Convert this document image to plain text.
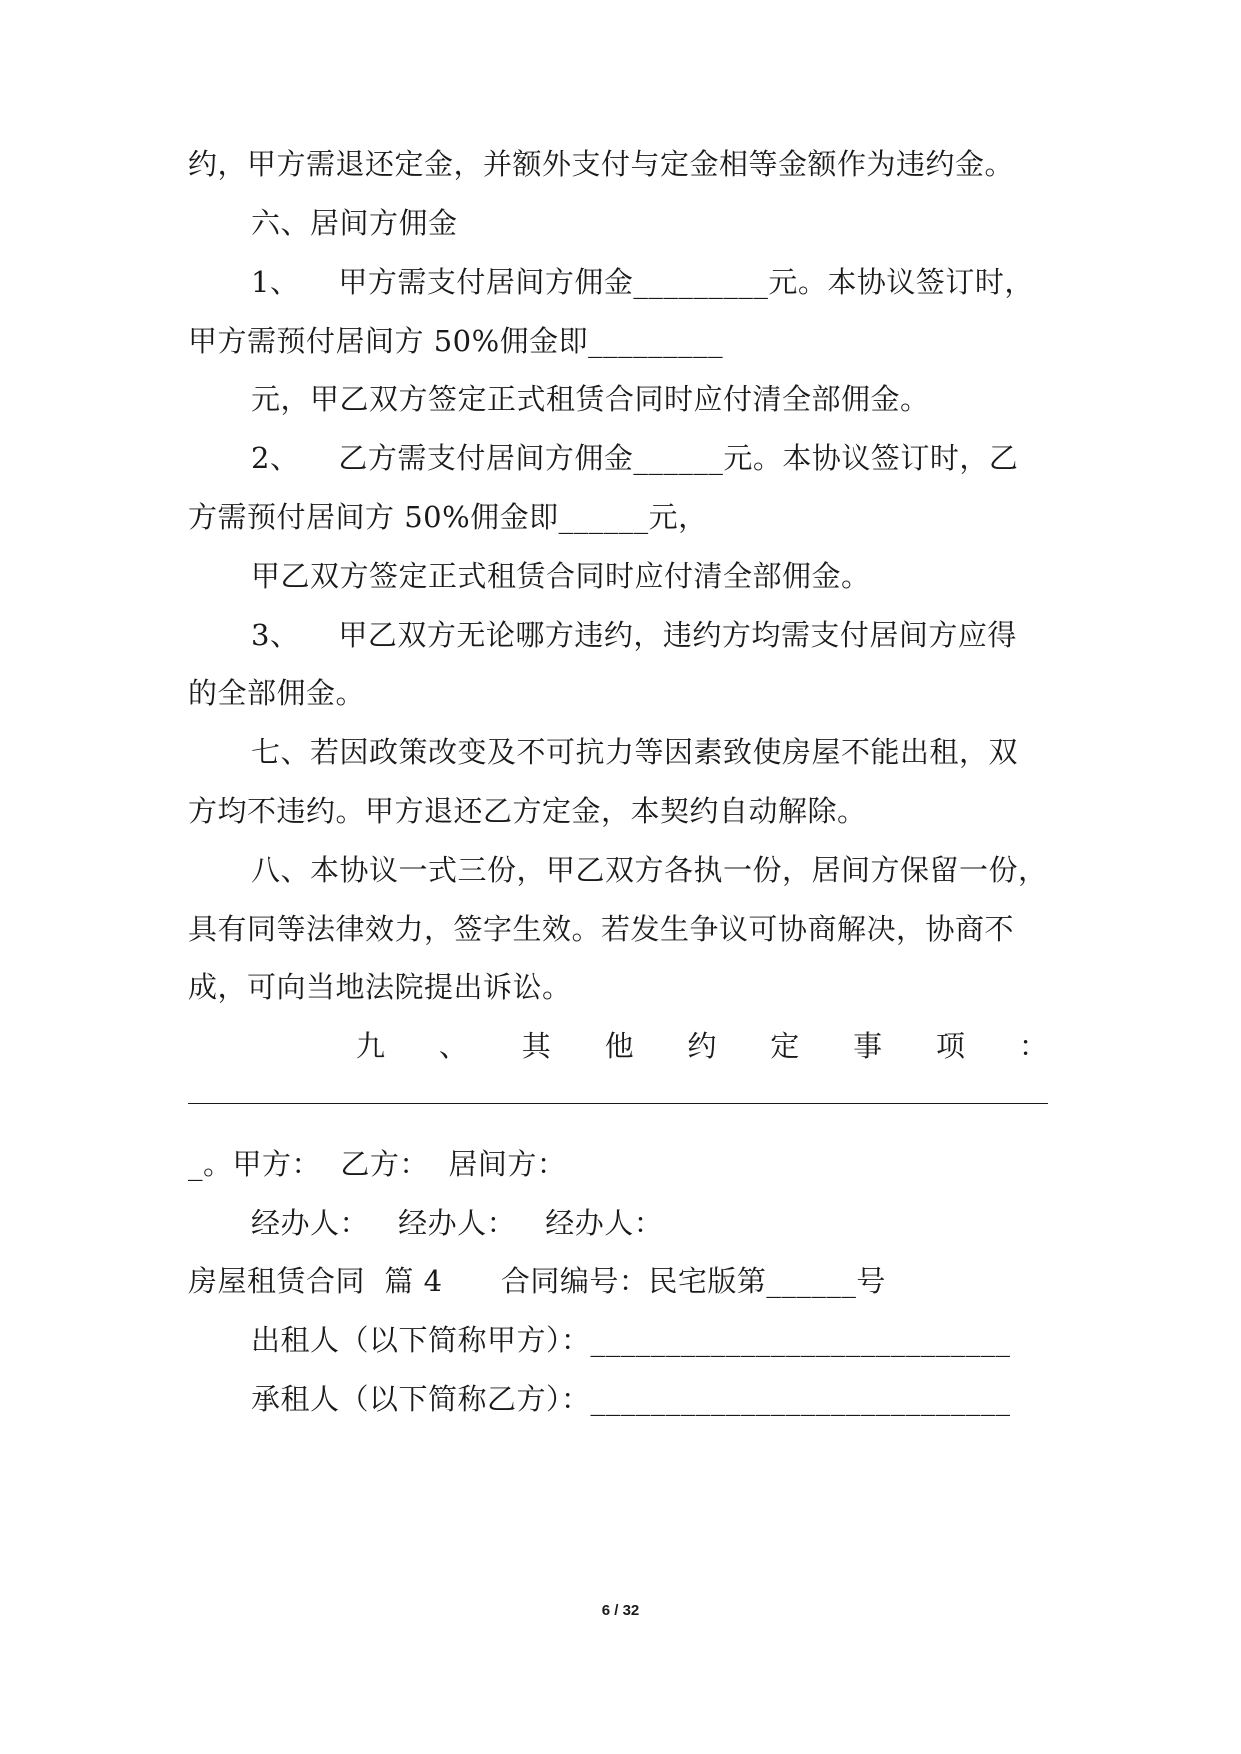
约，甲方需退还定金，并额外支付与定金相等金额作为违约金。
六、居间方佣金
1、    甲方需支付居间方佣金_________元。本协议签订时，
甲方需预付居间方 50%佣金即_________
元，甲乙双方签定正式租赁合同时应付清全部佣金。
2、    乙方需支付居间方佣金______元。本协议签订时，乙
方需预付居间方 50%佣金即______元，
甲乙双方签定正式租赁合同时应付清全部佣金。
3、    甲乙双方无论哪方违约，违约方均需支付居间方应得
的全部佣金。
七、若因政策改变及不可抗力等因素致使房屋不能出租，双
方均不违约。甲方退还乙方定金，本契约自动解除。
八、本协议一式三份，甲乙双方各执一份，居间方保留一份，
具有同等法律效力，签字生效。若发生争议可协商解决，协商不
成，可向当地法院提出诉讼。
九 、 其 他 约 定 事 项 ：
_。甲方：  乙方：  居间方：
经办人：   经办人：   经办人：
房屋租赁合同  篇 4      合同编号：民宅版第______号
出租人（以下简称甲方）：____________________________
承租人（以下简称乙方）：____________________________
6 / 32
